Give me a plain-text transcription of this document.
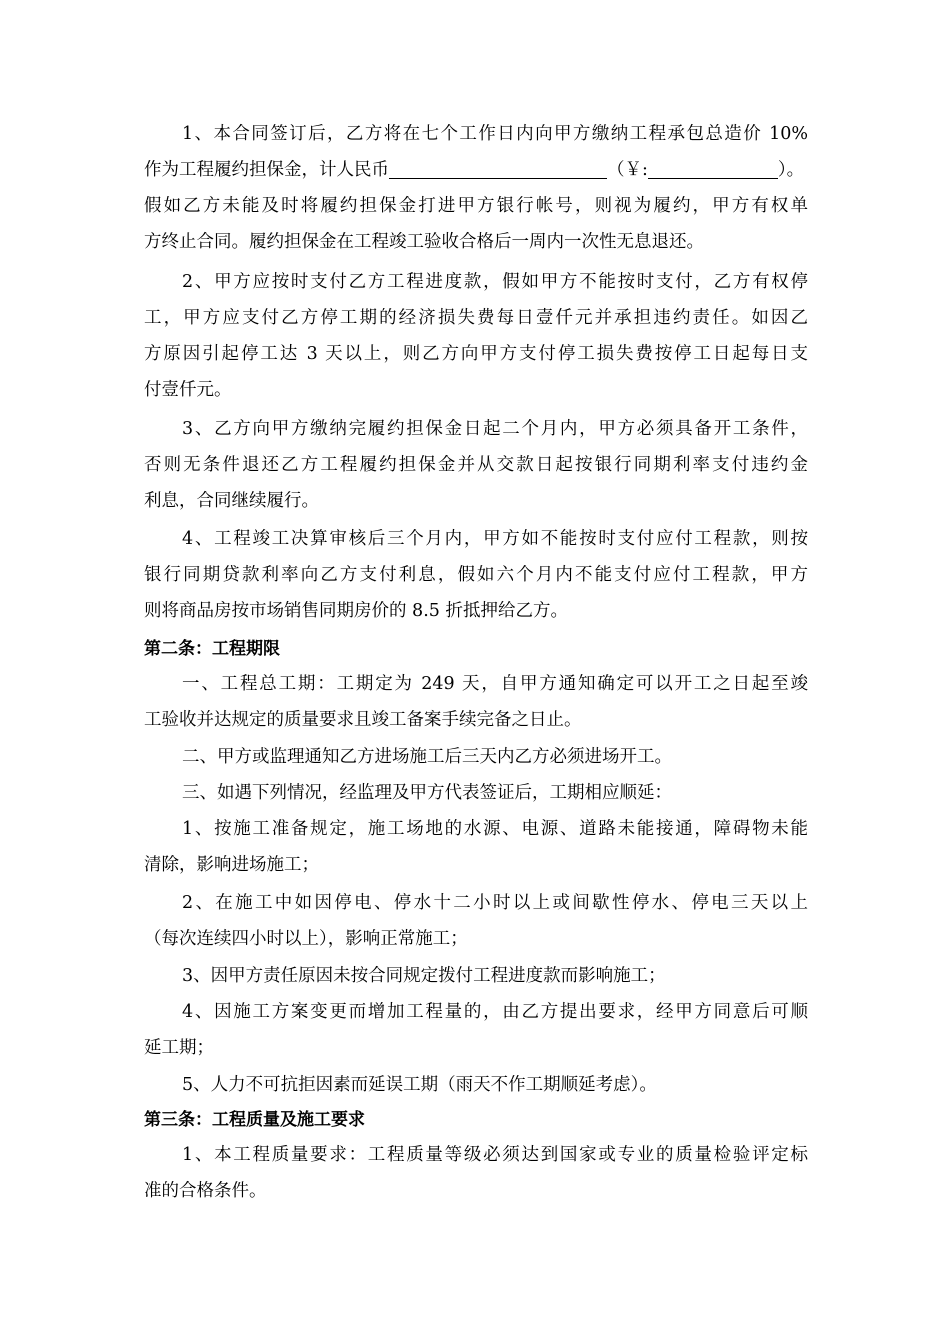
1、本合同签订后，乙方将在七个工作日内向甲方缴纳工程承包总造价 10%
作为工程履约担保金，计人民币	（￥:	）。
假如乙方未能及时将履约担保金打进甲方银行帐号，则视为履约，甲方有权单
方终止合同。履约担保金在工程竣工验收合格后一周内一次性无息退还。
2、甲方应按时支付乙方工程进度款，假如甲方不能按时支付，乙方有权停
工，甲方应支付乙方停工期的经济损失费每日壹仟元并承担违约责任。如因乙
方原因引起停工达 3 天以上，则乙方向甲方支付停工损失费按停工日起每日支
付壹仟元。
3、乙方向甲方缴纳完履约担保金日起二个月内，甲方必须具备开工条件，
否则无条件退还乙方工程履约担保金并从交款日起按银行同期利率支付违约金
利息，合同继续履行。
4、工程竣工决算审核后三个月内，甲方如不能按时支付应付工程款，则按
银行同期贷款利率向乙方支付利息，假如六个月内不能支付应付工程款，甲方
则将商品房按市场销售同期房价的 8.5 折抵押给乙方。
第二条：工程期限
一、工程总工期：工期定为 249 天，自甲方通知确定可以开工之日起至竣
工验收并达规定的质量要求且竣工备案手续完备之日止。
二、甲方或监理通知乙方进场施工后三天内乙方必须进场开工。
三、如遇下列情况，经监理及甲方代表签证后，工期相应顺延：
1、按施工准备规定，施工场地的水源、电源、道路未能接通，障碍物未能
清除，影响进场施工；
2、在施工中如因停电、停水十二小时以上或间歇性停水、停电三天以上
（每次连续四小时以上），影响正常施工；
3、因甲方责任原因未按合同规定拨付工程进度款而影响施工；
4、因施工方案变更而增加工程量的，由乙方提出要求，经甲方同意后可顺
延工期；
5、人力不可抗拒因素而延误工期（雨天不作工期顺延考虑）。
第三条：工程质量及施工要求
1、本工程质量要求：工程质量等级必须达到国家或专业的质量检验评定标
准的合格条件。
